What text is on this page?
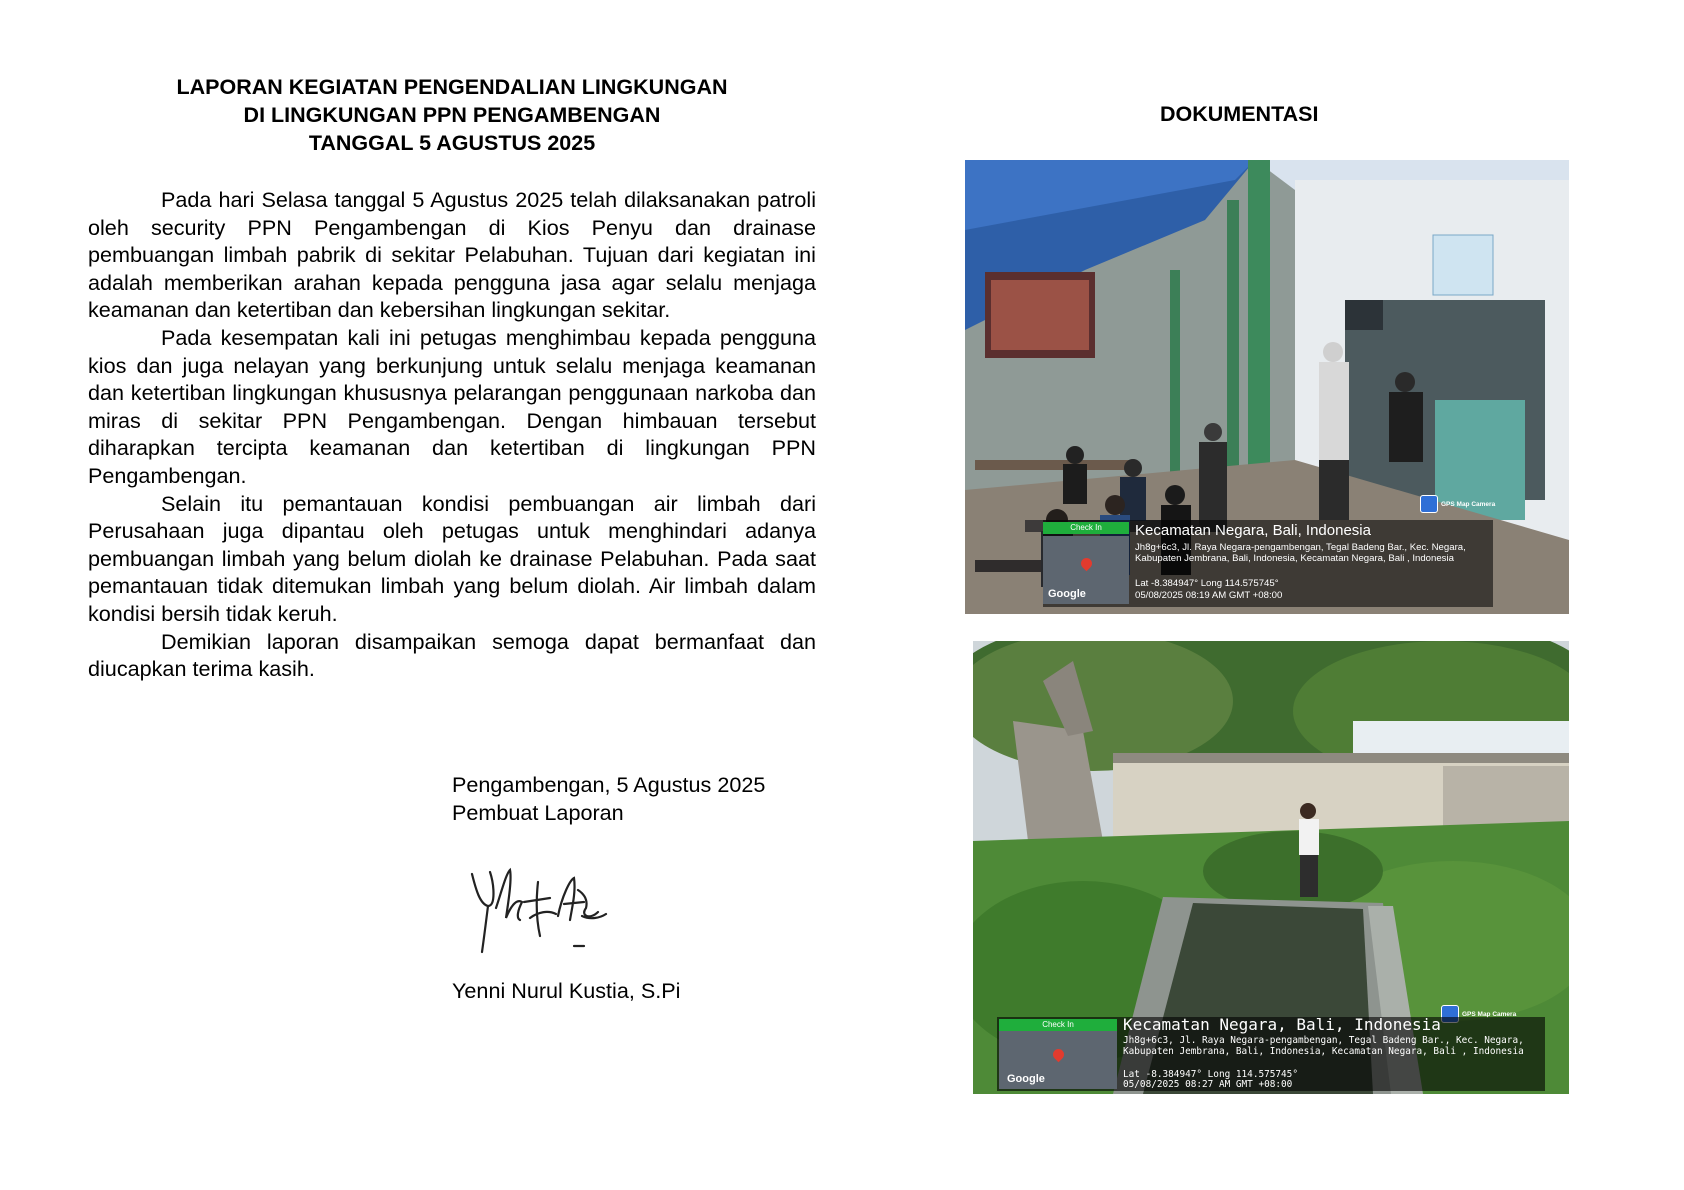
LAPORAN KEGIATAN PENGENDALIAN LINGKUNGAN
DI LINGKUNGAN PPN PENGAMBENGAN
TANGGAL 5 AGUSTUS 2025

Pada hari Selasa tanggal 5 Agustus 2025 telah dilaksanakan patroli oleh security PPN Pengambengan di Kios Penyu dan drainase pembuangan limbah pabrik di sekitar Pelabuhan. Tujuan dari kegiatan ini adalah memberikan arahan kepada pengguna jasa agar selalu menjaga keamanan dan ketertiban dan kebersihan lingkungan sekitar.

Pada kesempatan kali ini petugas menghimbau kepada pengguna kios dan juga nelayan yang berkunjung untuk selalu menjaga keamanan dan ketertiban lingkungan khususnya pelarangan penggunaan narkoba dan miras di sekitar PPN Pengambengan. Dengan himbauan tersebut diharapkan tercipta keamanan dan ketertiban di lingkungan PPN Pengambengan.

Selain itu pemantauan kondisi pembuangan air limbah dari Perusahaan juga dipantau oleh petugas untuk menghindari adanya pembuangan limbah yang belum diolah ke drainase Pelabuhan. Pada saat pemantauan tidak ditemukan limbah yang belum diolah. Air limbah dalam kondisi bersih tidak keruh.

Demikian laporan disampaikan semoga dapat bermanfaat dan diucapkan terima kasih.

Pengambengan, 5 Agustus 2025
Pembuat Laporan
Yenni Nurul Kustia, S.Pi
DOKUMENTASI
GPS Map Camera
Check In
Google
Kecamatan Negara, Bali, Indonesia
Jh8g+6c3, Jl. Raya Negara-pengambengan, Tegal Badeng Bar., Kec. Negara, Kabupaten Jembrana, Bali, Indonesia, Kecamatan Negara, Bali , Indonesia
Lat -8.384947° Long 114.575745°
05/08/2025 08:19 AM GMT +08:00
GPS Map Camera
Check In
Google
Kecamatan Negara, Bali, Indonesia
Jh8g+6c3, Jl. Raya Negara-pengambengan, Tegal Badeng Bar., Kec. Negara, Kabupaten Jembrana, Bali, Indonesia, Kecamatan Negara, Bali , Indonesia
Lat -8.384947° Long 114.575745°
05/08/2025 08:27 AM GMT +08:00
